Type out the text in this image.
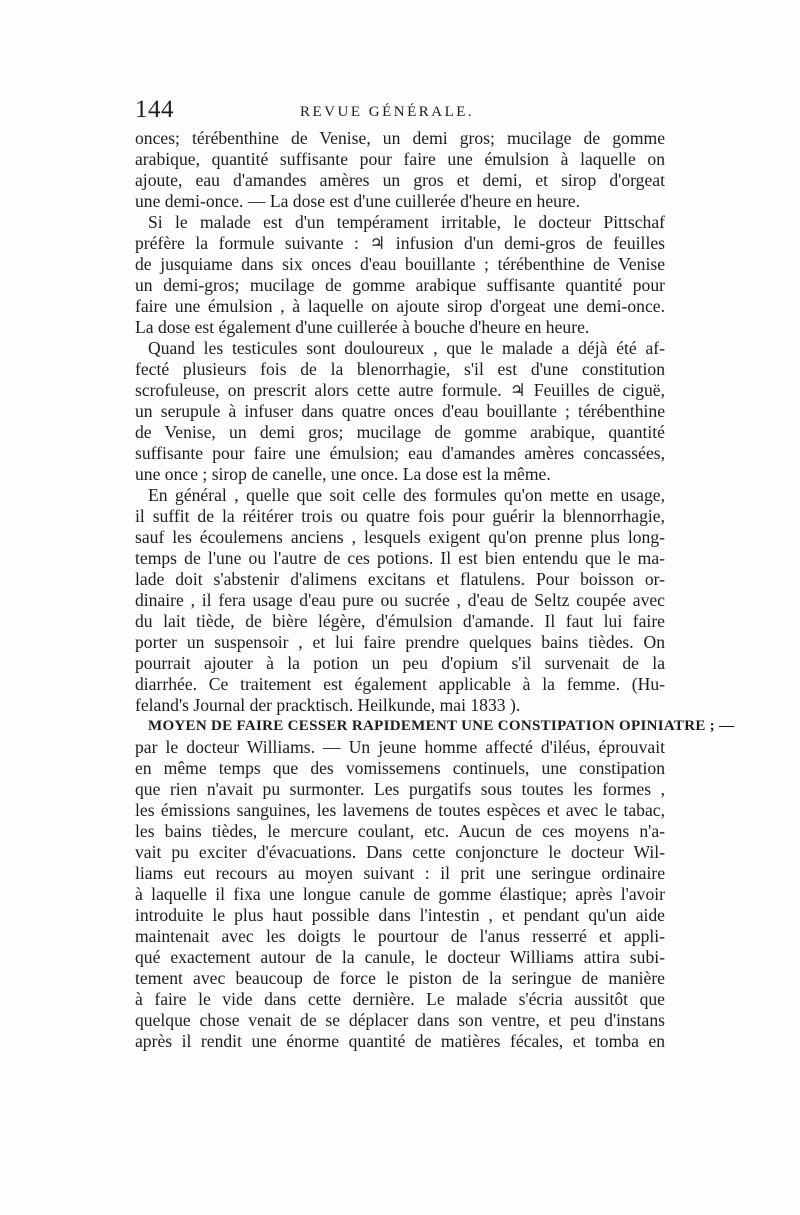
144	REVUE GÉNÉRALE.
onces; térébenthine de Venise, un demi gros; mucilage de gomme
arabique, quantité suffisante pour faire une émulsion à laquelle on
ajoute, eau d'amandes amères un gros et demi, et sirop d'orgeat
une demi-once. — La dose est d'une cuillerée d'heure en heure.
Si le malade est d'un tempérament irritable, le docteur Pittschaf
préfère la formule suivante : ♃ infusion d'un demi-gros de feuilles
de jusquiame dans six onces d'eau bouillante ; térébenthine de Venise
un demi-gros; mucilage de gomme arabique suffisante quantité pour
faire une émulsion , à laquelle on ajoute sirop d'orgeat une demi-once.
La dose est également d'une cuillerée à bouche d'heure en heure.
Quand les testicules sont douloureux , que le malade a déjà été af-
fecté plusieurs fois de la blenorrhagie, s'il est d'une constitution
scrofuleuse, on prescrit alors cette autre formule. ♃ Feuilles de ciguë,
un serupule à infuser dans quatre onces d'eau bouillante ; térébenthine
de Venise, un demi gros; mucilage de gomme arabique, quantité
suffisante pour faire une émulsion; eau d'amandes amères concassées,
une once ; sirop de canelle, une once. La dose est la même.
En général , quelle que soit celle des formules qu'on mette en usage,
il suffit de la réitérer trois ou quatre fois pour guérir la blennorrhagie,
sauf les écoulemens anciens , lesquels exigent qu'on prenne plus long-
temps de l'une ou l'autre de ces potions. Il est bien entendu que le ma-
lade doit s'abstenir d'alimens excitans et flatulens. Pour boisson or-
dinaire , il fera usage d'eau pure ou sucrée , d'eau de Seltz coupée avec
du lait tiède, de bière légère, d'émulsion d'amande. Il faut lui faire
porter un suspensoir , et lui faire prendre quelques bains tièdes. On
pourrait ajouter à la potion un peu d'opium s'il survenait de la
diarrhée. Ce traitement est également applicable à la femme. (Hu-
feland's Journal der pracktisch. Heilkunde, mai 1833 ).
MOYEN DE FAIRE CESSER RAPIDEMENT UNE CONSTIPATION OPINIATRE ; —
par le docteur Williams. — Un jeune homme affecté d'iléus, éprouvait
en même temps que des vomissemens continuels, une constipation
que rien n'avait pu surmonter. Les purgatifs sous toutes les formes ,
les émissions sanguines, les lavemens de toutes espèces et avec le tabac,
les bains tièdes, le mercure coulant, etc. Aucun de ces moyens n'a-
vait pu exciter d'évacuations. Dans cette conjoncture le docteur Wil-
liams eut recours au moyen suivant : il prit une seringue ordinaire
à laquelle il fixa une longue canule de gomme élastique; après l'avoir
introduite le plus haut possible dans l'intestin , et pendant qu'un aide
maintenait avec les doigts le pourtour de l'anus resserré et appli-
qué exactement autour de la canule, le docteur Williams attira subi-
tement avec beaucoup de force le piston de la seringue de manière
à faire le vide dans cette dernière. Le malade s'écria aussitôt que
quelque chose venait de se déplacer dans son ventre, et peu d'instans
après il rendit une énorme quantité de matières fécales, et tomba en
